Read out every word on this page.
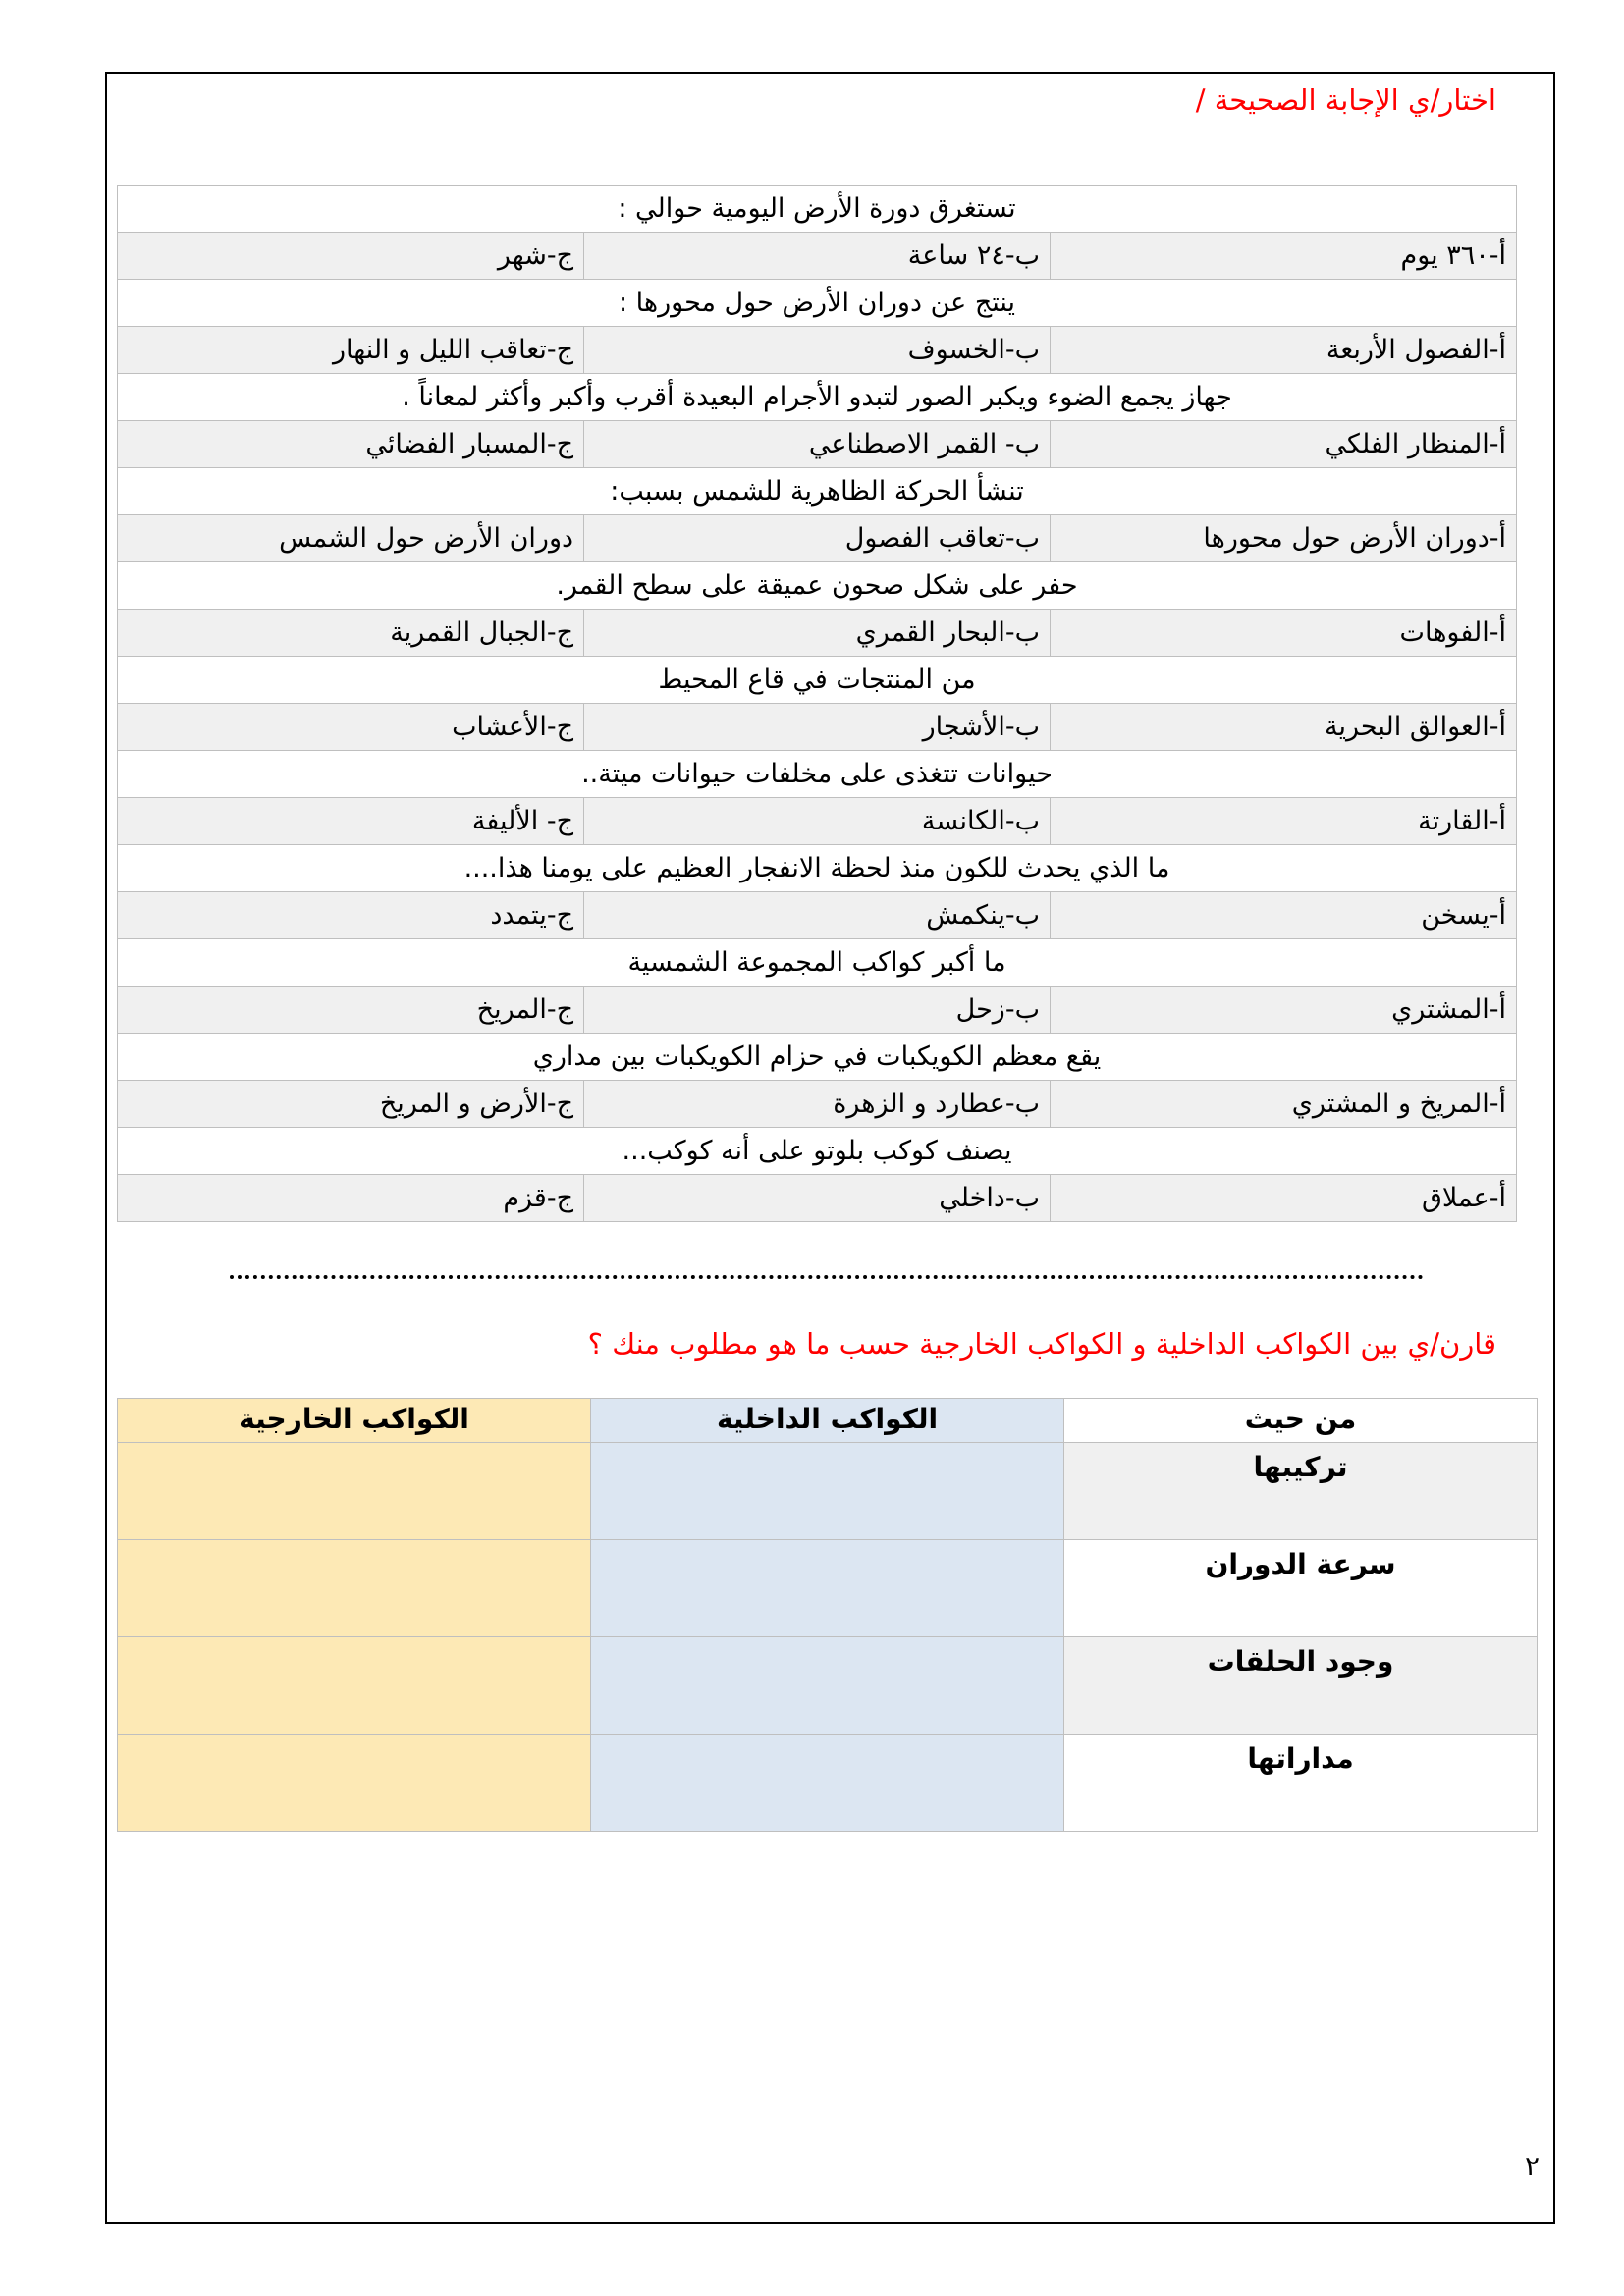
اختار/ي الإجابة الصحيحة /
تستغرق دورة الأرض اليومية حوالي :		
أ-٣٦٠ يوم	ب-٢٤ ساعة	ج-شهر
ينتج عن دوران الأرض حول محورها :		
أ-الفصول الأربعة	ب-الخسوف	ج-تعاقب الليل و النهار
جهاز يجمع الضوء ويكبر الصور لتبدو الأجرام البعيدة أقرب وأكبر وأكثر لمعاناً .		
أ-المنظار الفلكي	ب- القمر الاصطناعي	ج-المسبار الفضائي
تنشأ الحركة الظاهرية للشمس بسبب:		
أ-دوران الأرض حول محورها	ب-تعاقب الفصول	دوران الأرض حول الشمس
حفر على شكل صحون عميقة على سطح القمر.		
أ-الفوهات	ب-البحار القمري	ج-الجبال القمرية
من المنتجات في قاع المحيط		
أ-العوالق البحرية	ب-الأشجار	ج-الأعشاب
حيوانات تتغذى على مخلفات حيوانات ميتة..		
أ-القارتة	ب-الكانسة	ج- الأليفة
ما الذي يحدث للكون منذ لحظة الانفجار العظيم على يومنا هذا....		
أ-يسخن	ب-ينكمش	ج-يتمدد
ما أكبر كواكب المجموعة الشمسية		
أ-المشتري	ب-زحل	ج-المريخ
يقع معظم الكويكبات في حزام الكويكبات بين مداري		
أ-المريخ و المشتري	ب-عطارد و الزهرة	ج-الأرض و المريخ
يصنف كوكب بلوتو على أنه كوكب...		
أ-عملاق	ب-داخلي	ج-قزم
قارن/ي بين الكواكب الداخلية و الكواكب الخارجية حسب ما هو مطلوب منك ؟
من حيث	الكواكب الداخلية	الكواكب الخارجية
تركيبها		
سرعة الدوران		
وجود الحلقات		
مداراتها		
٢
